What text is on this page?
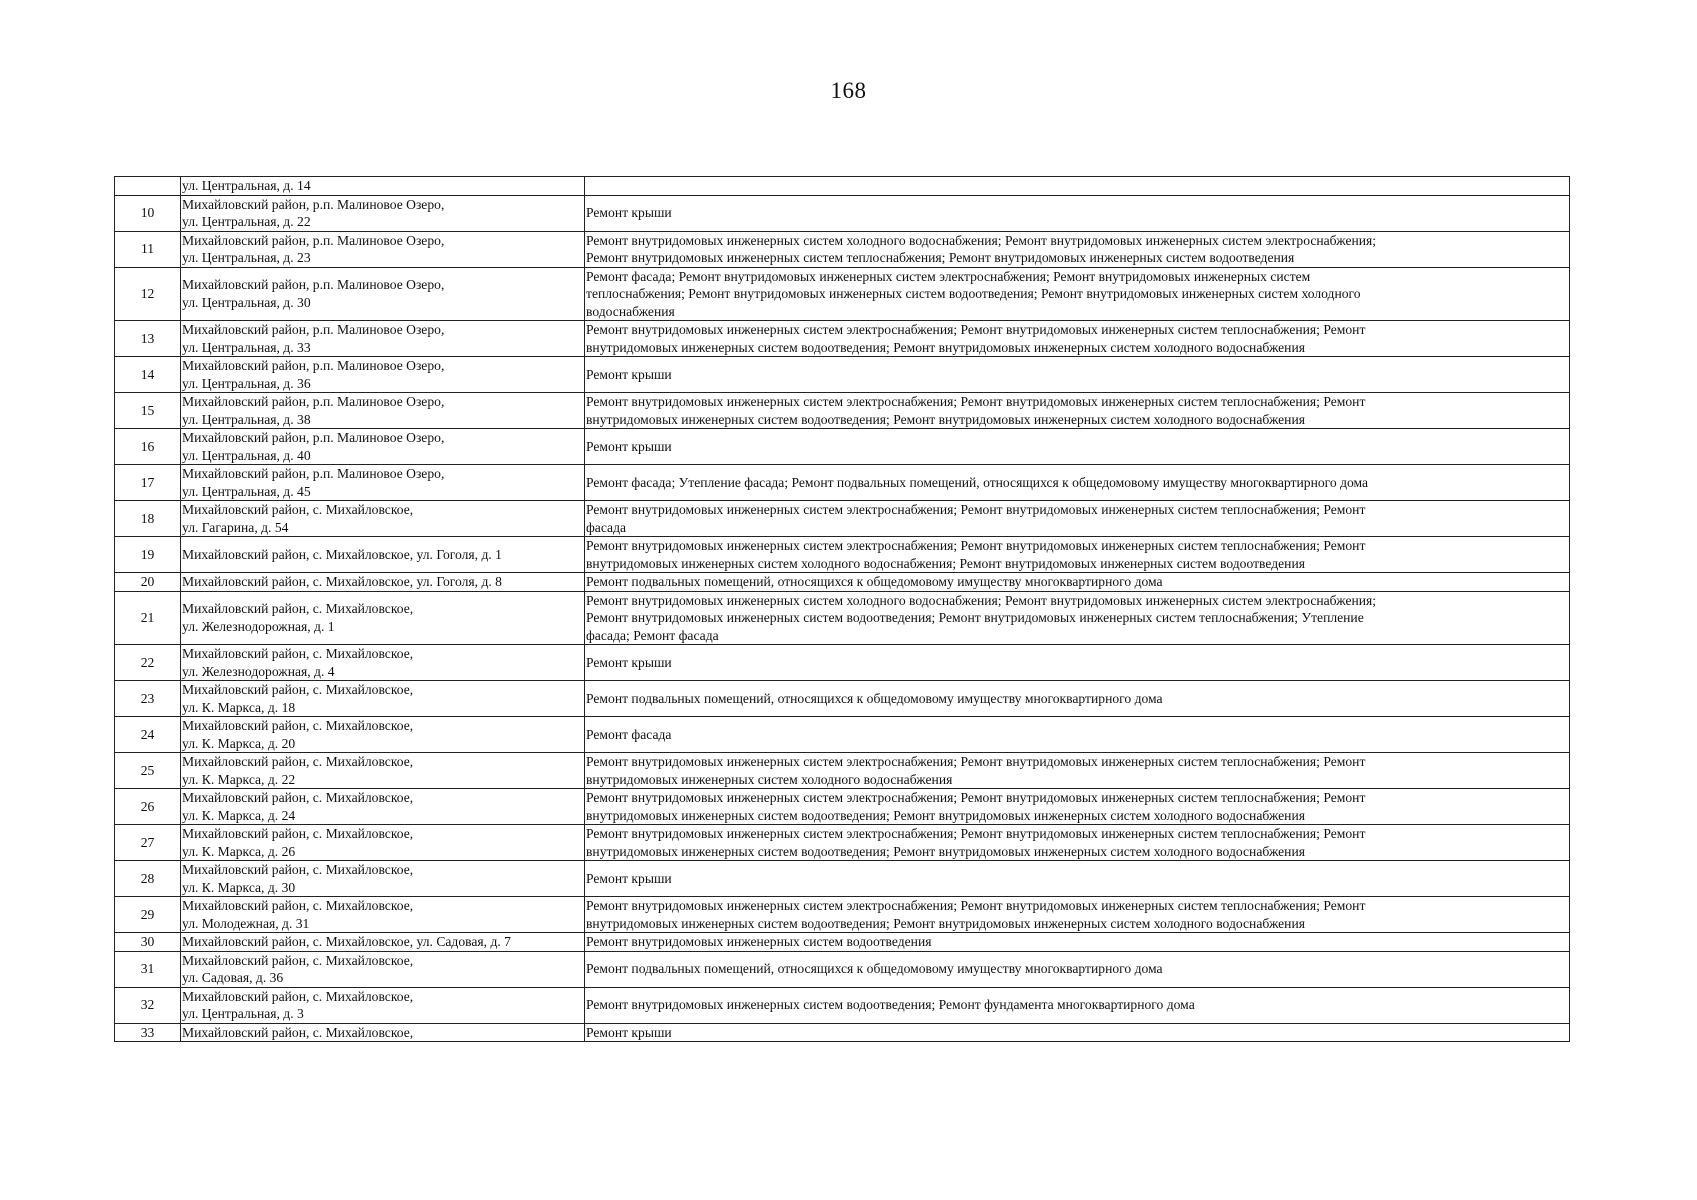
168

	ул. Центральная, д. 14	

10	Михайловский район, р.п. Малиновое Озеро,
ул. Центральная, д. 22	Ремонт крыши

11	Михайловский район, р.п. Малиновое Озеро,
ул. Центральная, д. 23	Ремонт внутридомовых инженерных систем холодного водоснабжения; Ремонт внутридомовых инженерных систем электроснабжения;
Ремонт внутридомовых инженерных систем теплоснабжения; Ремонт внутридомовых инженерных систем водоотведения

12	Михайловский район, р.п. Малиновое Озеро,
ул. Центральная, д. 30	Ремонт фасада; Ремонт внутридомовых инженерных систем электроснабжения; Ремонт внутридомовых инженерных систем
теплоснабжения; Ремонт внутридомовых инженерных систем водоотведения; Ремонт внутридомовых инженерных систем холодного
водоснабжения

13	Михайловский район, р.п. Малиновое Озеро,
ул. Центральная, д. 33	Ремонт внутридомовых инженерных систем электроснабжения; Ремонт внутридомовых инженерных систем теплоснабжения; Ремонт
внутридомовых инженерных систем водоотведения; Ремонт внутридомовых инженерных систем холодного водоснабжения

14	Михайловский район, р.п. Малиновое Озеро,
ул. Центральная, д. 36	Ремонт крыши

15	Михайловский район, р.п. Малиновое Озеро,
ул. Центральная, д. 38	Ремонт внутридомовых инженерных систем электроснабжения; Ремонт внутридомовых инженерных систем теплоснабжения; Ремонт
внутридомовых инженерных систем водоотведения; Ремонт внутридомовых инженерных систем холодного водоснабжения

16	Михайловский район, р.п. Малиновое Озеро,
ул. Центральная, д. 40	Ремонт крыши

17	Михайловский район, р.п. Малиновое Озеро,
ул. Центральная, д. 45	Ремонт фасада; Утепление фасада; Ремонт подвальных помещений, относящихся к общедомовому имуществу многоквартирного дома

18	Михайловский район, с. Михайловское,
ул. Гагарина, д. 54	Ремонт внутридомовых инженерных систем электроснабжения; Ремонт внутридомовых инженерных систем теплоснабжения; Ремонт
фасада

19	Михайловский район, с. Михайловское, ул. Гоголя, д. 1	Ремонт внутридомовых инженерных систем электроснабжения; Ремонт внутридомовых инженерных систем теплоснабжения; Ремонт
внутридомовых инженерных систем холодного водоснабжения; Ремонт внутридомовых инженерных систем водоотведения

20	Михайловский район, с. Михайловское, ул. Гоголя, д. 8	Ремонт подвальных помещений, относящихся к общедомовому имуществу многоквартирного дома

21	Михайловский район, с. Михайловское,
ул. Железнодорожная, д. 1	Ремонт внутридомовых инженерных систем холодного водоснабжения; Ремонт внутридомовых инженерных систем электроснабжения;
Ремонт внутридомовых инженерных систем водоотведения; Ремонт внутридомовых инженерных систем теплоснабжения; Утепление
фасада; Ремонт фасада

22	Михайловский район, с. Михайловское,
ул. Железнодорожная, д. 4	Ремонт крыши

23	Михайловский район, с. Михайловское,
ул. К. Маркса, д. 18	Ремонт подвальных помещений, относящихся к общедомовому имуществу многоквартирного дома

24	Михайловский район, с. Михайловское,
ул. К. Маркса, д. 20	Ремонт фасада

25	Михайловский район, с. Михайловское,
ул. К. Маркса, д. 22	Ремонт внутридомовых инженерных систем электроснабжения; Ремонт внутридомовых инженерных систем теплоснабжения; Ремонт
внутридомовых инженерных систем холодного водоснабжения

26	Михайловский район, с. Михайловское,
ул. К. Маркса, д. 24	Ремонт внутридомовых инженерных систем электроснабжения; Ремонт внутридомовых инженерных систем теплоснабжения; Ремонт
внутридомовых инженерных систем водоотведения; Ремонт внутридомовых инженерных систем холодного водоснабжения

27	Михайловский район, с. Михайловское,
ул. К. Маркса, д. 26	Ремонт внутридомовых инженерных систем электроснабжения; Ремонт внутридомовых инженерных систем теплоснабжения; Ремонт
внутридомовых инженерных систем водоотведения; Ремонт внутридомовых инженерных систем холодного водоснабжения

28	Михайловский район, с. Михайловское,
ул. К. Маркса, д. 30	Ремонт крыши

29	Михайловский район, с. Михайловское,
ул. Молодежная, д. 31	Ремонт внутридомовых инженерных систем электроснабжения; Ремонт внутридомовых инженерных систем теплоснабжения; Ремонт
внутридомовых инженерных систем водоотведения; Ремонт внутридомовых инженерных систем холодного водоснабжения

30	Михайловский район, с. Михайловское, ул. Садовая, д. 7	Ремонт внутридомовых инженерных систем водоотведения

31	Михайловский район, с. Михайловское,
ул. Садовая, д. 36	Ремонт подвальных помещений, относящихся к общедомовому имуществу многоквартирного дома

32	Михайловский район, с. Михайловское,
ул. Центральная, д. 3	Ремонт внутридомовых инженерных систем водоотведения; Ремонт фундамента многоквартирного дома

33	Михайловский район, с. Михайловское,	Ремонт крыши
